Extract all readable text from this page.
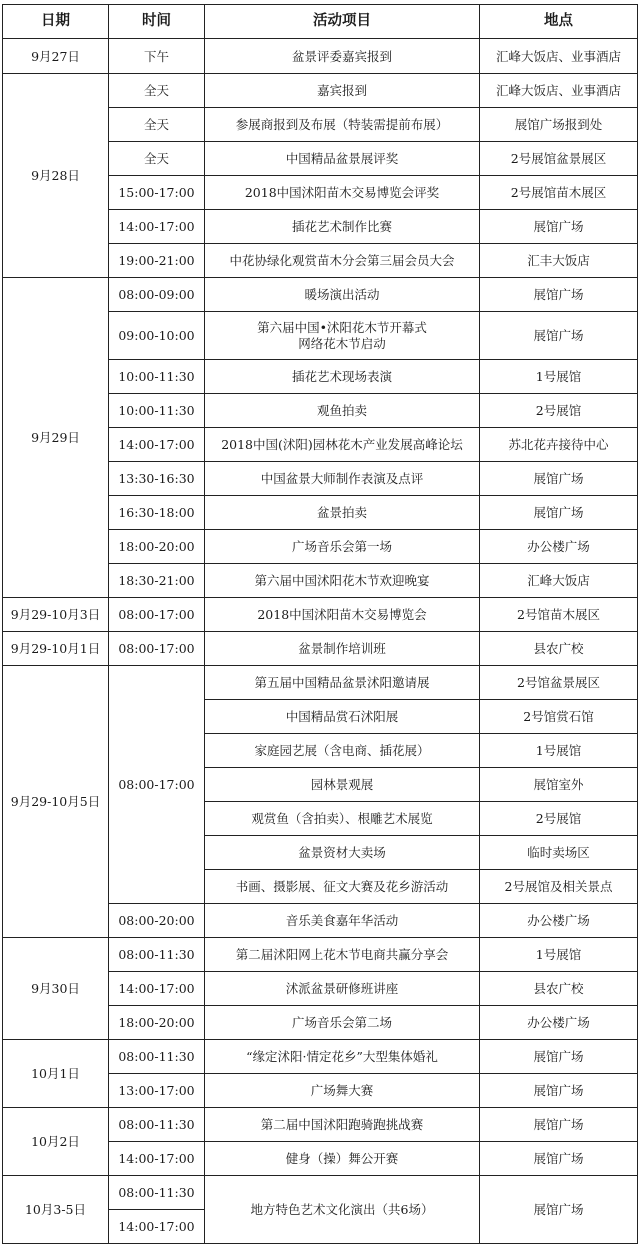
日期	时间	活动项目	地点
9月27日	下午	盆景评委嘉宾报到	汇峰大饭店、业事酒店
9月28日	全天	嘉宾报到	汇峰大饭店、业事酒店
	全天	参展商报到及布展（特装需提前布展）	展馆广场报到处
	全天	中国精品盆景展评奖	2号展馆盆景展区
	15:00-17:00	2018中国沭阳苗木交易博览会评奖	2号展馆苗木展区
	14:00-17:00	插花艺术制作比赛	展馆广场
	19:00-21:00	中花协绿化观赏苗木分会第三届会员大会	汇丰大饭店
9月29日	08:00-09:00	暖场演出活动	展馆广场
	09:00-10:00	第六届中国•沭阳花木节开幕式
网络花木节启动	展馆广场
	10:00-11:30	插花艺术现场表演	1号展馆
	10:00-11:30	观鱼拍卖	2号展馆
	14:00-17:00	2018中国(沭阳)园林花木产业发展高峰论坛	苏北花卉接待中心
	13:30-16:30	中国盆景大师制作表演及点评	展馆广场
	16:30-18:00	盆景拍卖	展馆广场
	18:00-20:00	广场音乐会第一场	办公楼广场
	18:30-21:00	第六届中国沭阳花木节欢迎晚宴	汇峰大饭店
9月29-10月3日	08:00-17:00	2018中国沭阳苗木交易博览会	2号馆苗木展区
9月29-10月1日	08:00-17:00	盆景制作培训班	县农广校
9月29-10月5日	08:00-17:00	第五届中国精品盆景沭阳邀请展	2号馆盆景展区
		中国精品赏石沭阳展	2号馆赏石馆
		家庭园艺展（含电商、插花展）	1号展馆
		园林景观展	展馆室外
		观赏鱼（含拍卖）、根雕艺术展览	2号展馆
		盆景资材大卖场	临时卖场区
		书画、摄影展、征文大赛及花乡游活动	2号展馆及相关景点
	08:00-20:00	音乐美食嘉年华活动	办公楼广场
9月30日	08:00-11:30	第二届沭阳网上花木节电商共赢分享会	1号展馆
	14:00-17:00	沭派盆景研修班讲座	县农广校
	18:00-20:00	广场音乐会第二场	办公楼广场
10月1日	08:00-11:30	“缘定沭阳·情定花乡”大型集体婚礼	展馆广场
	13:00-17:00	广场舞大赛	展馆广场
10月2日	08:00-11:30	第二届中国沭阳跑骑跑挑战赛	展馆广场
	14:00-17:00	健身（操）舞公开赛	展馆广场
10月3-5日	08:00-11:30	地方特色艺术文化演出（共6场）	展馆广场
	14:00-17:00		
